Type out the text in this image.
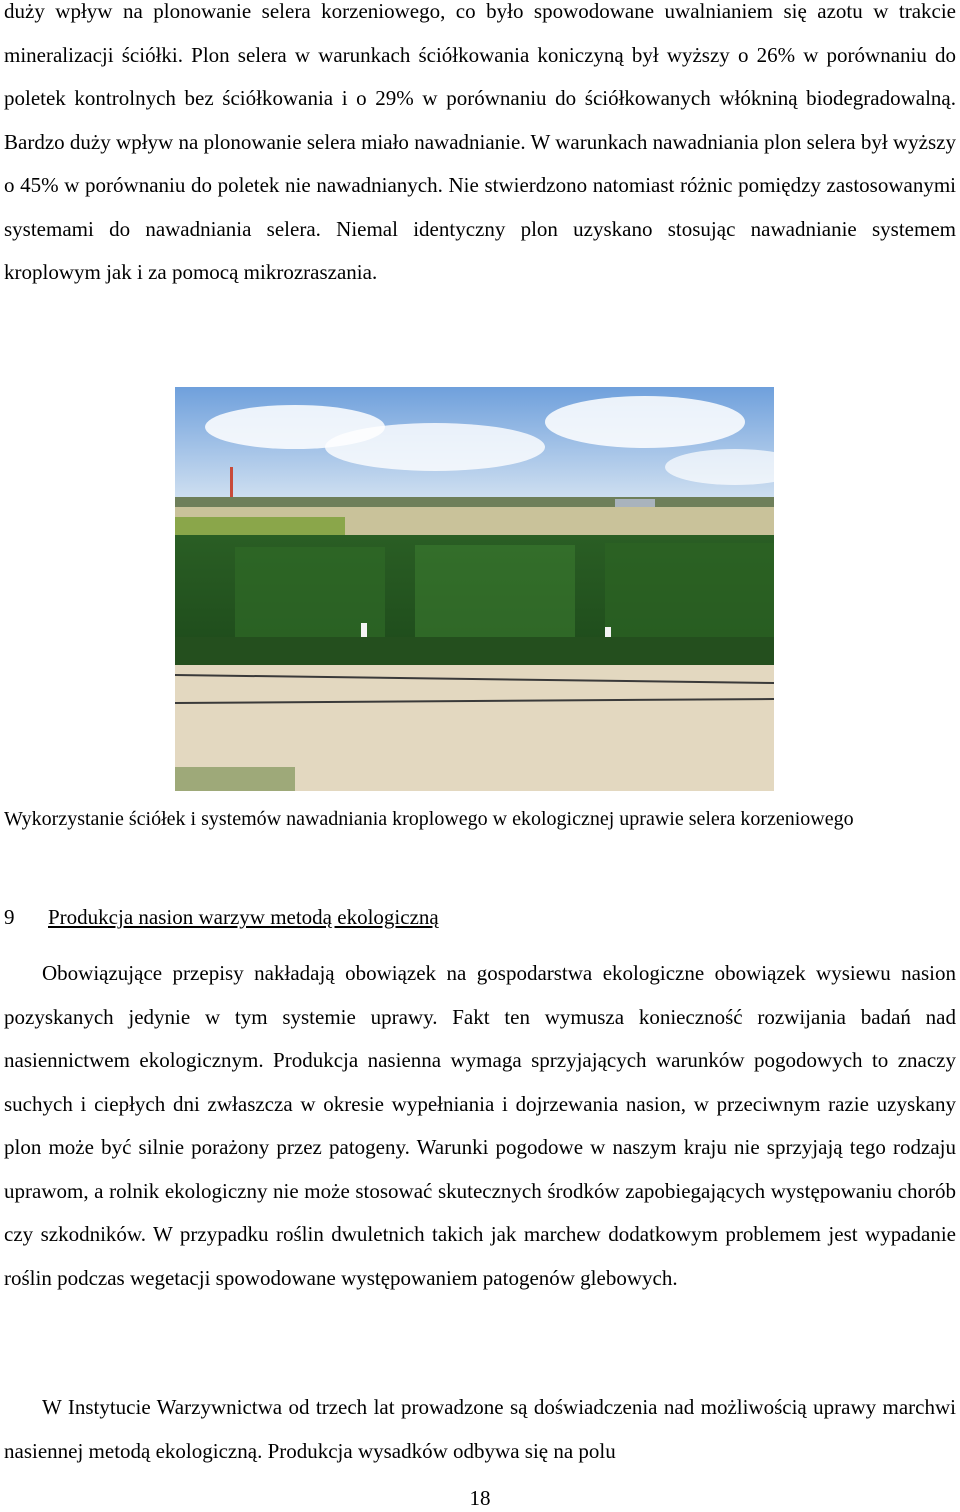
duży wpływ na plonowanie selera korzeniowego, co było spowodowane uwalnianiem się azotu w trakcie mineralizacji ściółki. Plon selera w warunkach ściółkowania koniczyną był wyższy o 26% w porównaniu do poletek kontrolnych bez ściółkowania i o 29% w porównaniu do ściółkowanych włókniną biodegradowalną. Bardzo duży wpływ na plonowanie selera miało nawadnianie. W warunkach nawadniania plon selera był wyższy o 45% w porównaniu do poletek nie nawadnianych. Nie stwierdzono natomiast różnic pomiędzy zastosowanymi systemami do nawadniania selera. Niemal identyczny plon uzyskano stosując nawadnianie systemem kroplowym jak i za pomocą mikrozraszania.

Wykorzystanie ściółek i systemów nawadniania kroplowego w ekologicznej uprawie selera korzeniowego

9 Produkcja nasion warzyw metodą ekologiczną

Obowiązujące przepisy nakładają obowiązek na gospodarstwa ekologiczne obowiązek wysiewu nasion pozyskanych jedynie w tym systemie uprawy. Fakt ten wymusza konieczność rozwijania badań nad nasiennictwem ekologicznym. Produkcja nasienna wymaga sprzyjających warunków pogodowych to znaczy suchych i ciepłych dni zwłaszcza w okresie wypełniania i dojrzewania nasion, w przeciwnym razie uzyskany plon może być silnie porażony przez patogeny. Warunki pogodowe w naszym kraju nie sprzyjają tego rodzaju uprawom, a rolnik ekologiczny nie może stosować skutecznych środków zapobiegających występowaniu chorób czy szkodników. W przypadku roślin dwuletnich takich jak marchew dodatkowym problemem jest wypadanie roślin podczas wegetacji spowodowane występowaniem patogenów glebowych.

W Instytucie Warzywnictwa od trzech lat prowadzone są doświadczenia nad możliwością uprawy marchwi nasiennej metodą ekologiczną. Produkcja wysadków odbywa się na polu

18
